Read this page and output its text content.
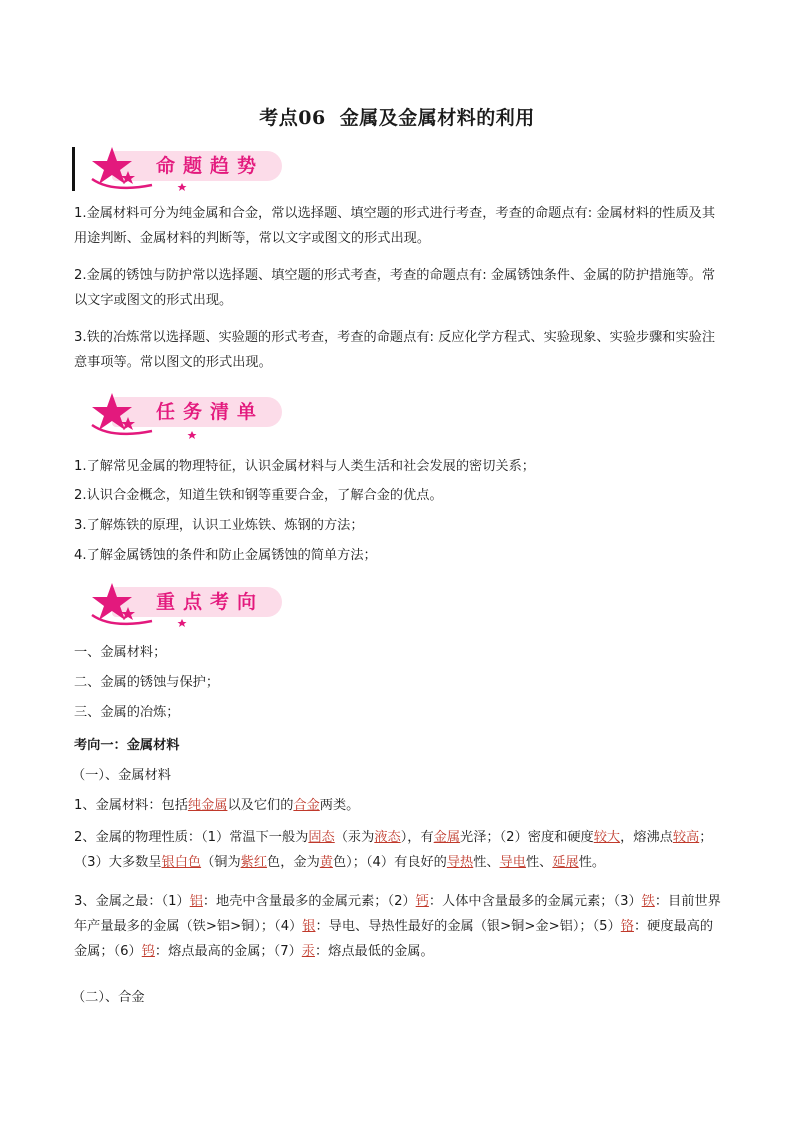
考点06 金属及金属材料的利用
命题趋势
1.金属材料可分为纯金属和合金，常以选择题、填空题的形式进行考查，考查的命题点有: 金属材料的性质及其用途判断、金属材料的判断等，常以文字或图文的形式出现。
2.金属的锈蚀与防护常以选择题、填空题的形式考查，考查的命题点有: 金属锈蚀条件、金属的防护措施等。常以文字或图文的形式出现。
3.铁的冶炼常以选择题、实验题的形式考查，考查的命题点有: 反应化学方程式、实验现象、实验步骤和实验注意事项等。常以图文的形式出现。
任务清单
1.了解常见金属的物理特征，认识金属材料与人类生活和社会发展的密切关系；
2.认识合金概念，知道生铁和钢等重要合金，了解合金的优点。
3.了解炼铁的原理，认识工业炼铁、炼钢的方法；
4.了解金属锈蚀的条件和防止金属锈蚀的简单方法；
重点考向
一、金属材料；
二、金属的锈蚀与保护；
三、金属的冶炼；
考向一：金属材料
（一）、金属材料
1、金属材料：包括纯金属以及它们的合金两类。
2、金属的物理性质：（1）常温下一般为固态（汞为液态），有金属光泽；（2）密度和硬度较大，熔沸点较高；（3）大多数呈银白色（铜为紫红色，金为黄色）；（4）有良好的导热性、导电性、延展性。
3、金属之最：（1）铝：地壳中含量最多的金属元素；（2）钙：人体中含量最多的金属元素；（3）铁：目前世界年产量最多的金属（铁>铝>铜）；（4）银：导电、导热性最好的金属（银>铜>金>铝）；（5）铬：硬度最高的金属；（6）钨：熔点最高的金属；（7）汞：熔点最低的金属。
（二）、合金
